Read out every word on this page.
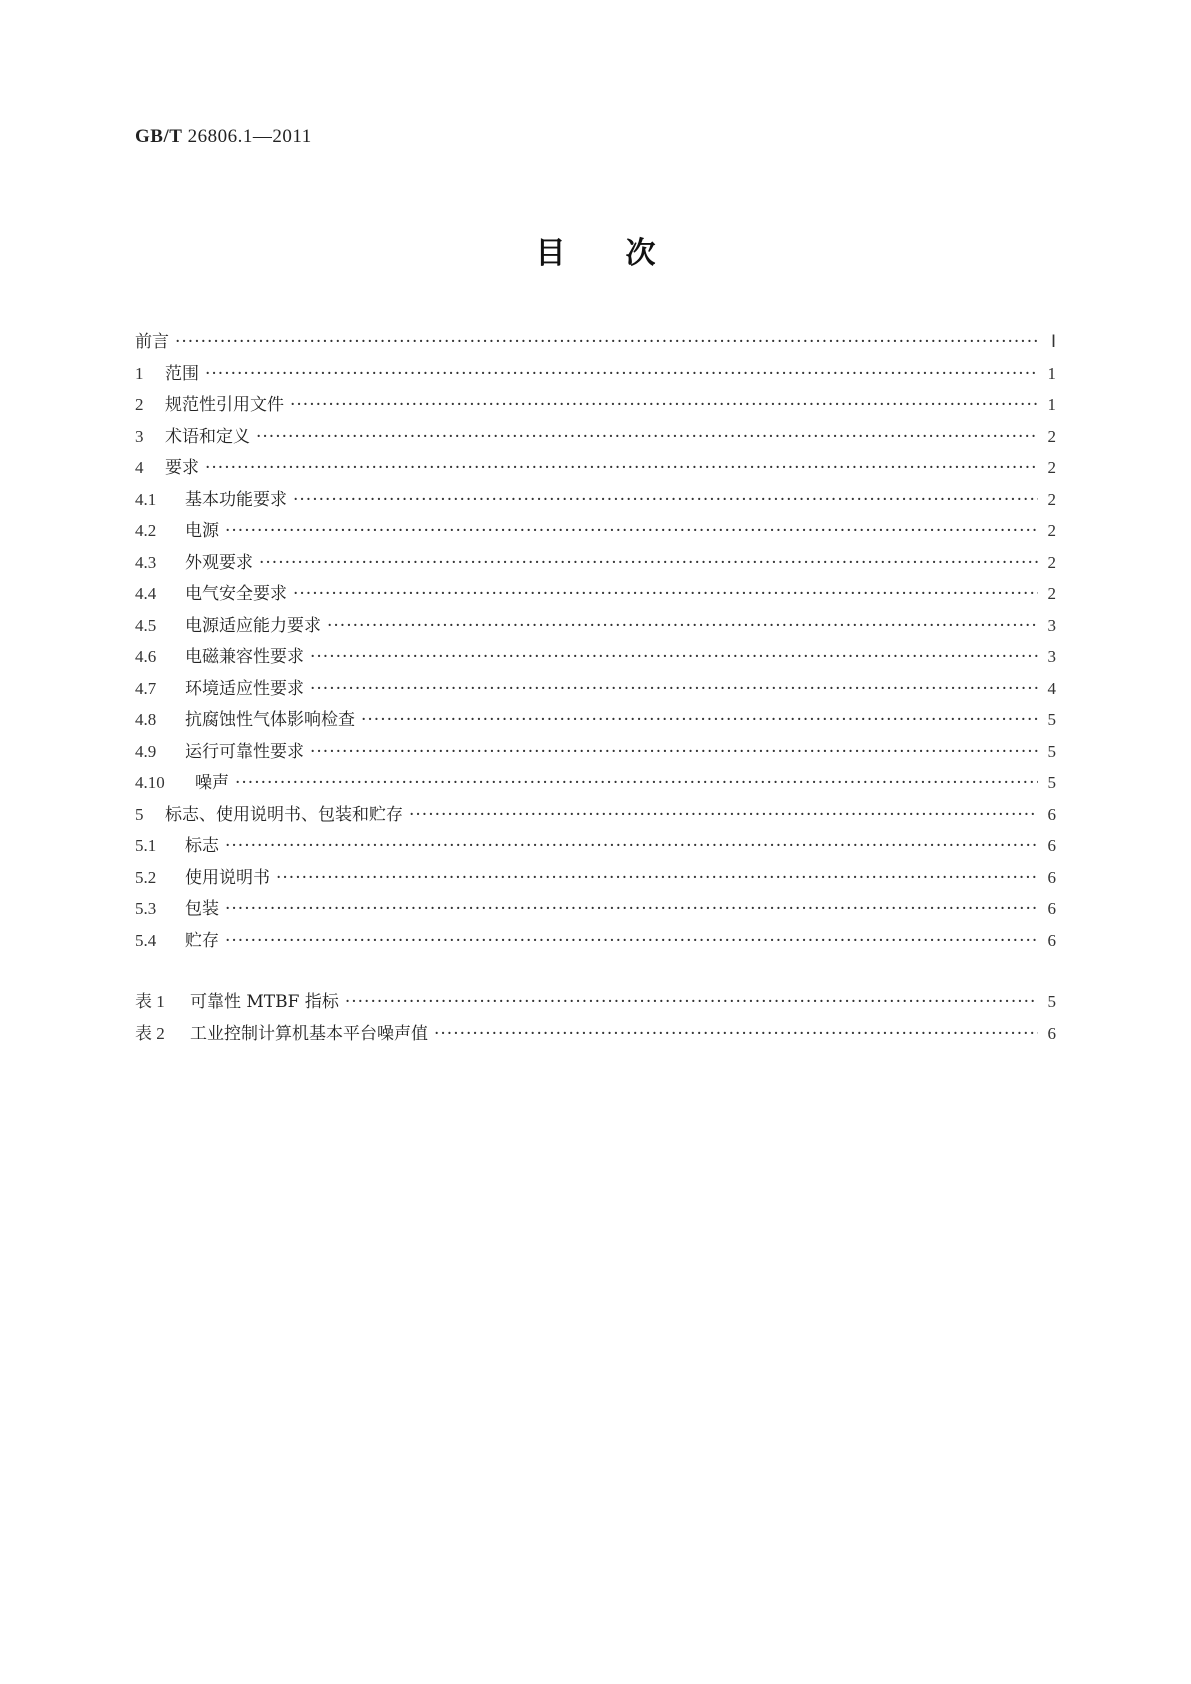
GB/T 26806.1—2011
目次
前言 ·····	Ⅰ
1	范围 ·····	1
2	规范性引用文件 ·····	1
3	术语和定义 ·····	2
4	要求 ·····	2
4.1	基本功能要求 ·····	2
4.2	电源 ·····	2
4.3	外观要求 ·····	2
4.4	电气安全要求 ·····	2
4.5	电源适应能力要求 ·····	3
4.6	电磁兼容性要求 ·····	3
4.7	环境适应性要求 ·····	4
4.8	抗腐蚀性气体影响检查 ·····	5
4.9	运行可靠性要求 ·····	5
4.10	噪声 ·····	5
5	标志、使用说明书、包装和贮存 ·····	6
5.1	标志 ·····	6
5.2	使用说明书 ·····	6
5.3	包装 ·····	6
5.4	贮存 ·····	6
表 1	可靠性 MTBF 指标 ·····	5
表 2	工业控制计算机基本平台噪声值 ·····	6
